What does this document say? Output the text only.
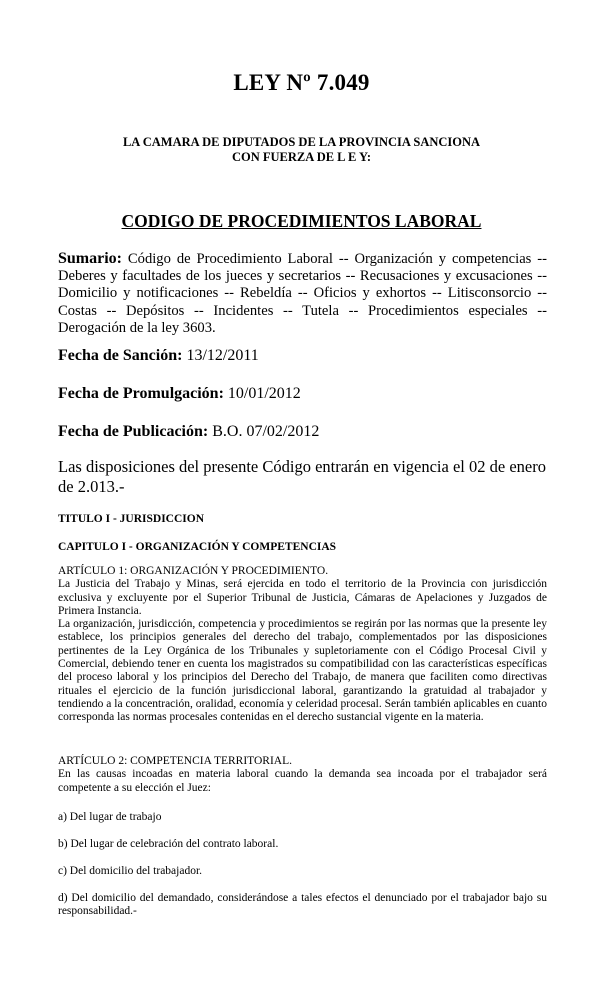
LEY Nº 7.049
LA CAMARA DE DIPUTADOS DE LA PROVINCIA SANCIONA
CON FUERZA DE L E Y:
CODIGO DE PROCEDIMIENTOS LABORAL

Sumario: Código de Procedimiento Laboral -- Organización y competencias -- Deberes y facultades de los jueces y secretarios -- Recusaciones y excusaciones -- Domicilio y notificaciones -- Rebeldía -- Oficios y exhortos -- Litisconsorcio -- Costas -- Depósitos -- Incidentes -- Tutela -- Procedimientos especiales -- Derogación de la ley 3603.

Fecha de Sanción: 13/12/2011

Fecha de Promulgación: 10/01/2012

Fecha de Publicación: B.O. 07/02/2012

Las disposiciones del presente Código entrarán en vigencia el 02 de enero de 2.013.-

TITULO I - JURISDICCION

CAPITULO I - ORGANIZACIÓN Y COMPETENCIAS

ARTÍCULO 1: ORGANIZACIÓN Y PROCEDIMIENTO.

La Justicia del Trabajo y Minas, será ejercida en todo el territorio de la Provincia con jurisdicción exclusiva y excluyente por el Superior Tribunal de Justicia, Cámaras de Apelaciones y Juzgados de Primera Instancia.

La organización, jurisdicción, competencia y procedimientos se regirán por las normas que la presente ley establece, los principios generales del derecho del trabajo, complementados por las disposiciones pertinentes de la Ley Orgánica de los Tribunales y supletoriamente con el Código Procesal Civil y Comercial, debiendo tener en cuenta los magistrados su compatibilidad con las características específicas del proceso laboral y los principios del Derecho del Trabajo, de manera que faciliten como directivas rituales el ejercicio de la función jurisdiccional laboral, garantizando la gratuidad al trabajador y tendiendo a la concentración, oralidad, economía y celeridad procesal. Serán también aplicables en cuanto corresponda las normas procesales contenidas en el derecho sustancial vigente en la materia.

ARTÍCULO 2: COMPETENCIA TERRITORIAL.

En las causas incoadas en materia laboral cuando la demanda sea incoada por el trabajador será competente a su elección el Juez:

a) Del lugar de trabajo

b) Del lugar de celebración del contrato laboral.

c) Del domicilio del trabajador.

d) Del domicilio del demandado, considerándose a tales efectos el denunciado por el trabajador bajo su responsabilidad.-
